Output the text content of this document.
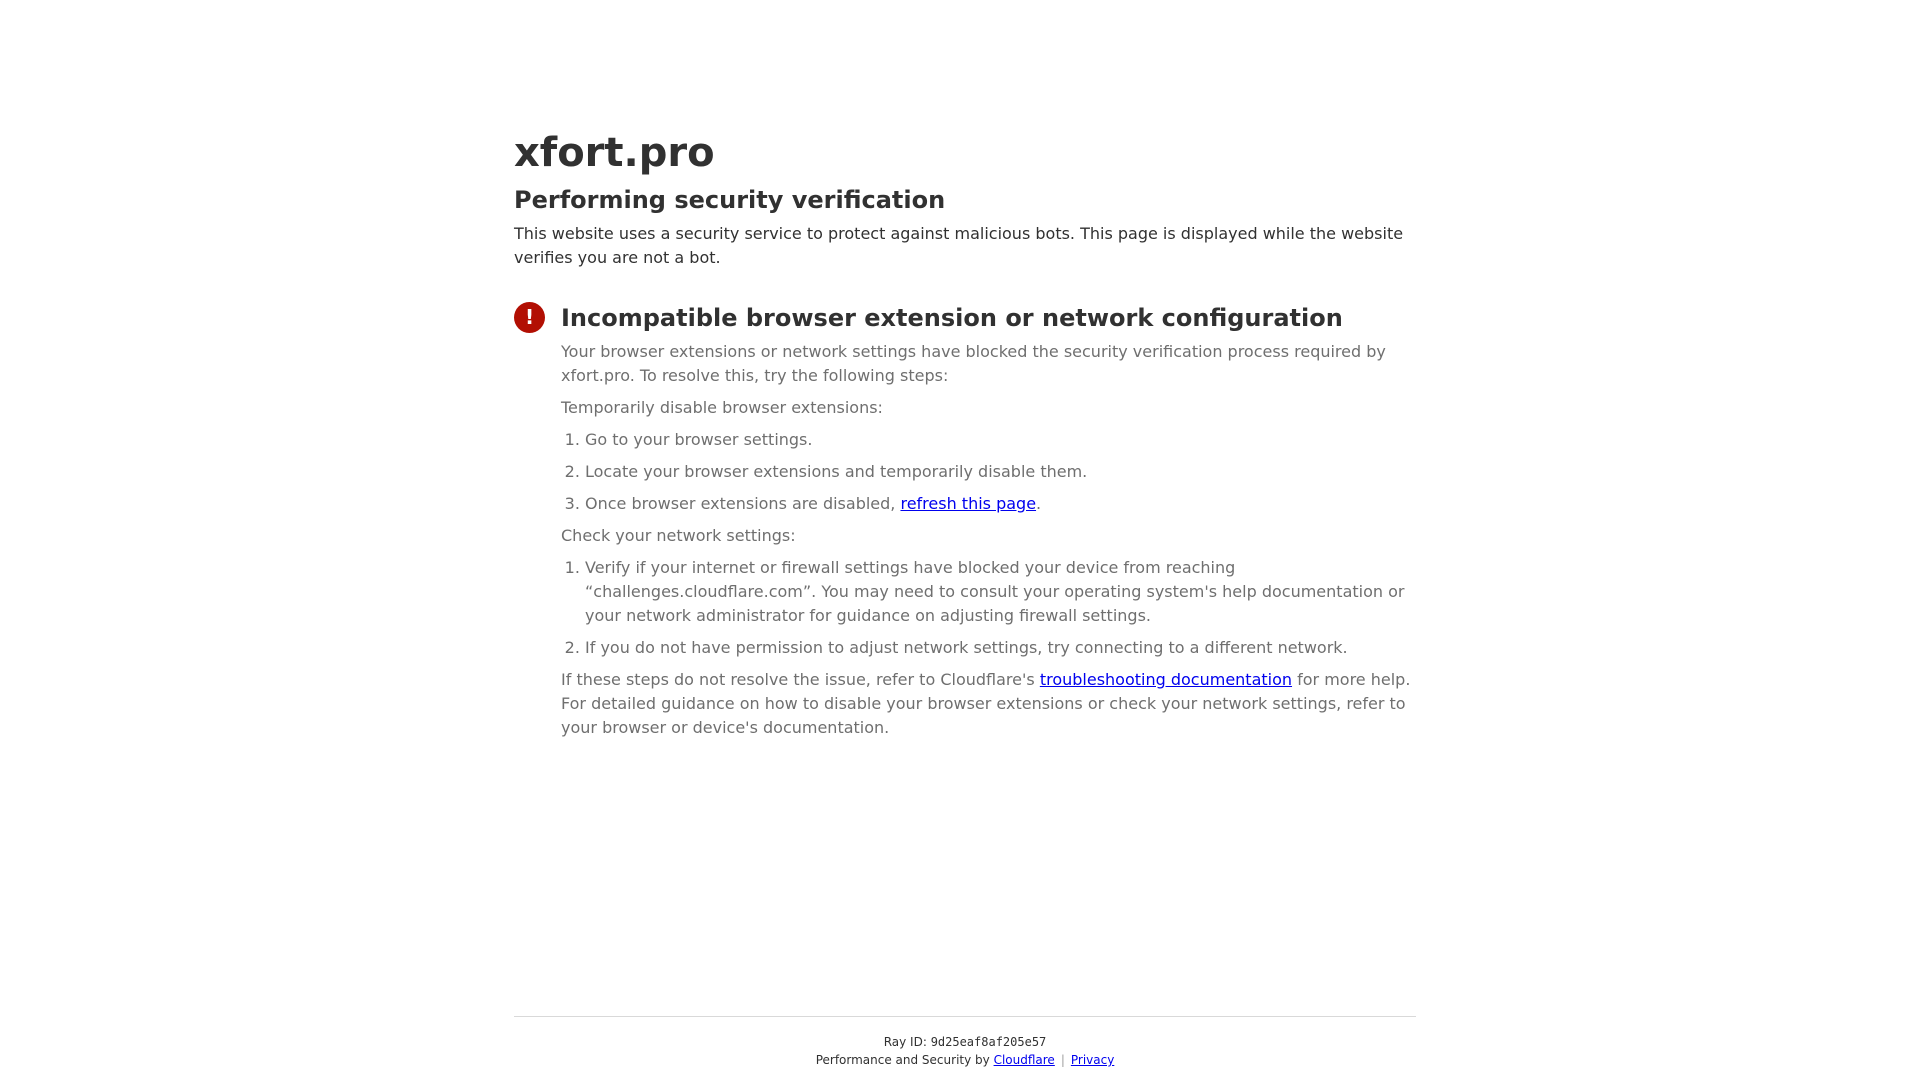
xfort.pro
Performing security verification

This website uses a security service to protect against malicious bots. This page is displayed while the website verifies you are not a bot.

!	Incompatible browser extension or network configuration

Your browser extensions or network settings have blocked the security verification process required by xfort.pro. To resolve this, try the following steps:

Temporarily disable browser extensions:

1. Go to your browser settings.
2. Locate your browser extensions and temporarily disable them.
3. Once browser extensions are disabled, refresh this page.

Check your network settings:

1. Verify if your internet or firewall settings have blocked your device from reaching “challenges.cloudflare.com”. You may need to consult your operating system's help documentation or your network administrator for guidance on adjusting firewall settings.
2. If you do not have permission to adjust network settings, try connecting to a different network.

If these steps do not resolve the issue, refer to Cloudflare's troubleshooting documentation for more help. For detailed guidance on how to disable your browser extensions or check your network settings, refer to your browser or device's documentation.

Ray ID: 9d25eaf8af205e57
Performance and Security by Cloudflare | Privacy
